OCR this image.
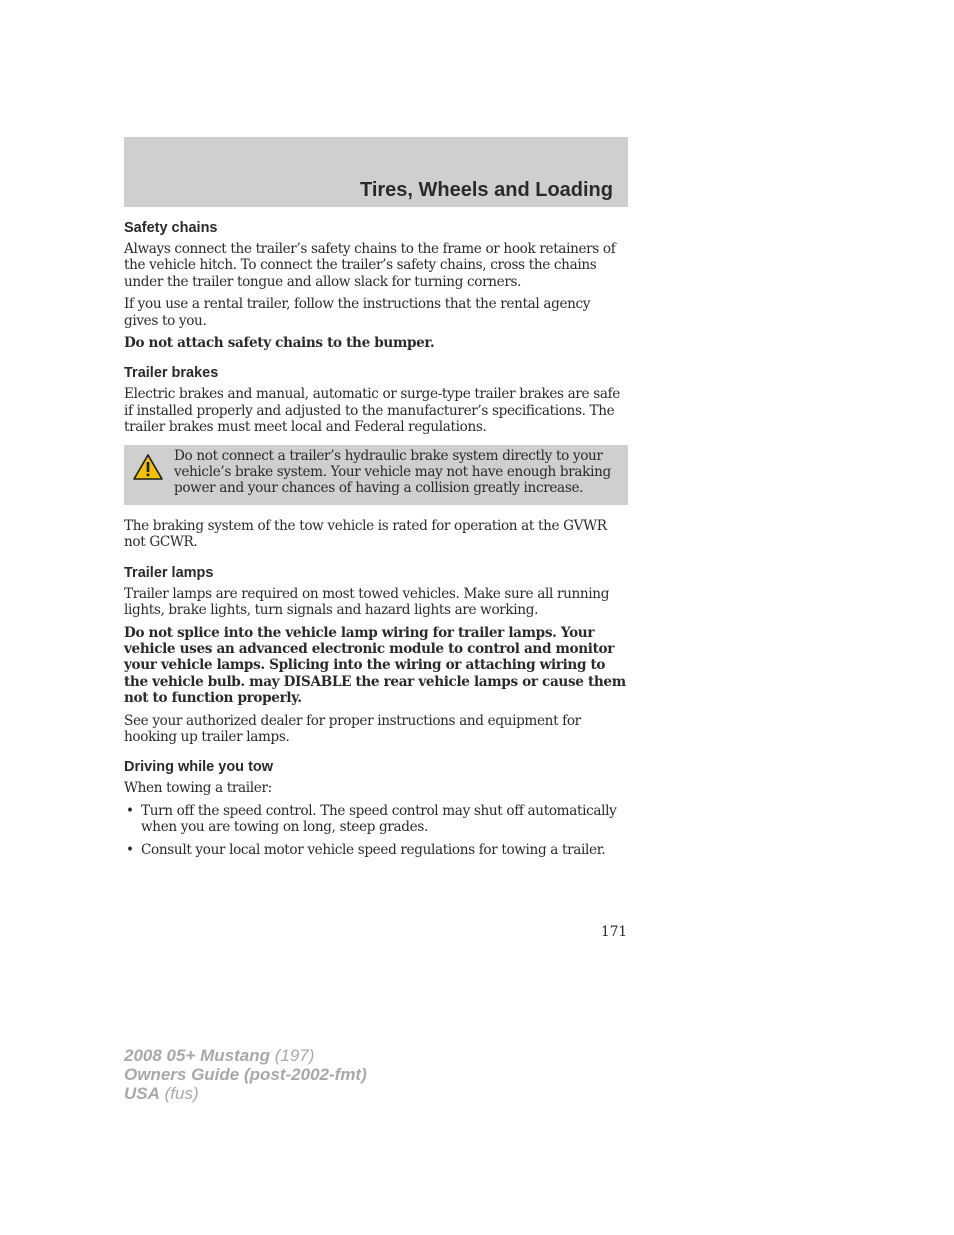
Tires, Wheels and Loading
Safety chains
Always connect the trailer’s safety chains to the frame or hook retainers of the vehicle hitch. To connect the trailer’s safety chains, cross the chains under the trailer tongue and allow slack for turning corners.
If you use a rental trailer, follow the instructions that the rental agency gives to you.
Do not attach safety chains to the bumper.
Trailer brakes
Electric brakes and manual, automatic or surge-type trailer brakes are safe if installed properly and adjusted to the manufacturer’s specifications. The trailer brakes must meet local and Federal regulations.
Do not connect a trailer’s hydraulic brake system directly to your vehicle’s brake system. Your vehicle may not have enough braking power and your chances of having a collision greatly increase.
The braking system of the tow vehicle is rated for operation at the GVWR not GCWR.
Trailer lamps
Trailer lamps are required on most towed vehicles. Make sure all running lights, brake lights, turn signals and hazard lights are working.
Do not splice into the vehicle lamp wiring for trailer lamps. Your vehicle uses an advanced electronic module to control and monitor your vehicle lamps. Splicing into the wiring or attaching wiring to the vehicle bulb. may DISABLE the rear vehicle lamps or cause them not to function properly.
See your authorized dealer for proper instructions and equipment for hooking up trailer lamps.
Driving while you tow
When towing a trailer:
• Turn off the speed control. The speed control may shut off automatically when you are towing on long, steep grades.
• Consult your local motor vehicle speed regulations for towing a trailer.
171
2008 05+ Mustang (197)
Owners Guide (post-2002-fmt)
USA (fus)
